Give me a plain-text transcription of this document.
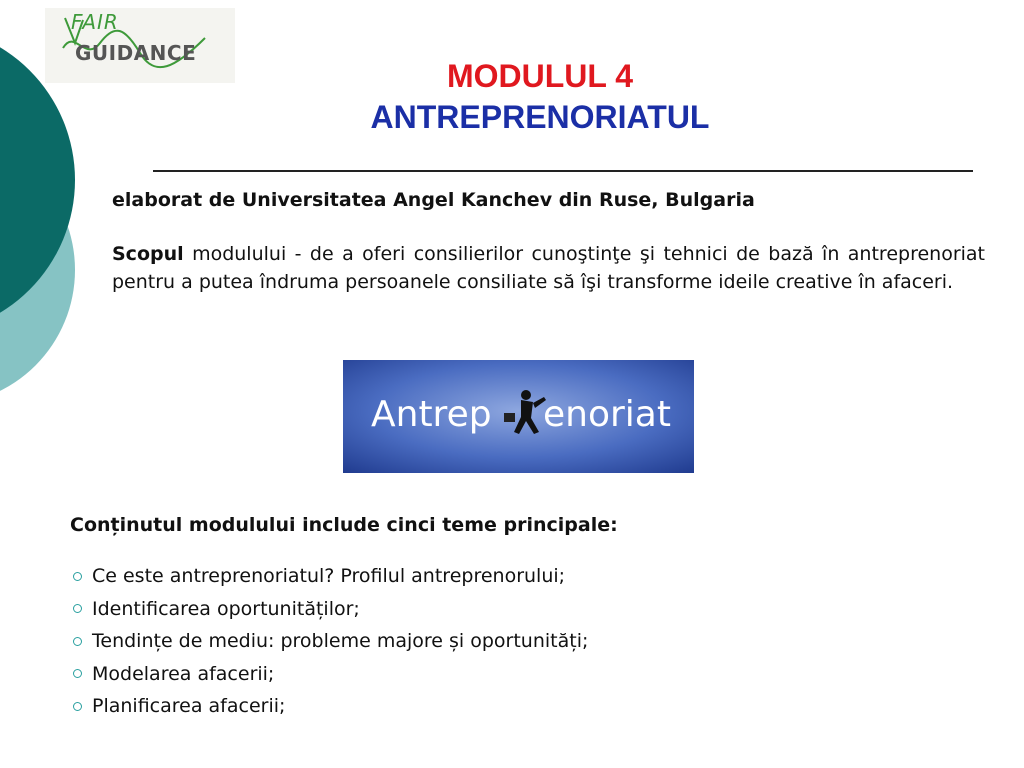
FAIR
GUIDANCE
MODULUL 4
ANTREPRENORIATUL
elaborat de Universitatea Angel Kanchev din Ruse, Bulgaria
Scopul modulului - de a oferi consilierilor cunoştinţe şi tehnici de bază în antreprenoriat pentru a putea îndruma persoanele consiliate să îşi transforme ideile creative în afaceri.
Antrep enoriat
Conținutul modulului include cinci teme principale:
Ce este antreprenoriatul? Profilul antreprenorului;
Identificarea oportunităților;
Tendințe de mediu: probleme majore și oportunități;
Modelarea afacerii;
Planificarea afacerii;
